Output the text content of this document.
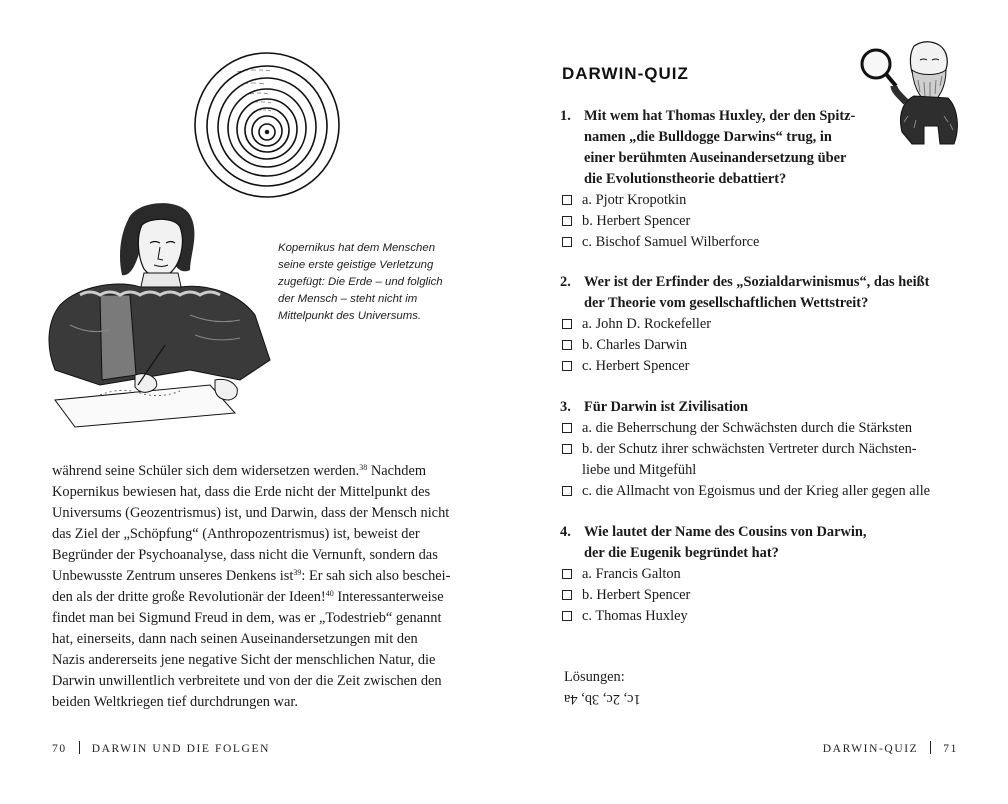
Kopernikus hat dem Menschen

seine erste geistige Verletzung

zugefügt: Die Erde – und folglich

der Mensch – steht nicht im

Mittelpunkt des Universums.

während seine Schüler sich dem widersetzen werden.$^{38}$ Nachdem
Kopernikus bewiesen hat, dass die Erde nicht der Mittelpunkt des
Universums (Geozentrismus) ist, und Darwin, dass der Mensch nicht
das Ziel der „Schöpfung“ (Anthropozentrismus) ist, beweist der
Begründer der Psychoanalyse, dass nicht die Vernunft, sondern das
Unbewusste Zentrum unseres Denkens ist$^{39}$: Er sah sich also beschei-
den als der dritte große Revolutionär der Ideen!$^{40}$ Interessanterweise
findet man bei Sigmund Freud in dem, was er „Todestrieb“ genannt
hat, einerseits, dann nach seinen Auseinandersetzungen mit den
Nazis andererseits jene negative Sicht der menschlichen Natur, die
Darwin unwillentlich verbreitete und von der die Zeit zwischen den
beiden Weltkriegen tief durchdrungen war.
70 DARWIN UND DIE FOLGEN
DARWIN-QUIZ
1. Mit wem hat Thomas Huxley, der den Spitz-
namen „die Bulldogge Darwins“ trug, in
einer berühmten Auseinandersetzung über
die Evolutionstheorie debattiert?
a. Pjotr Kropotkin
b. Herbert Spencer
c. Bischof Samuel Wilberforce
2. Wer ist der Erfinder des „Sozialdarwinismus“, das heißt
der Theorie vom gesellschaftlichen Wettstreit?
a. John D. Rockefeller
b. Charles Darwin
c. Herbert Spencer
3. Für Darwin ist Zivilisation
a. die Beherrschung der Schwächsten durch die Stärksten
b. der Schutz ihrer schwächsten Vertreter durch Nächsten-
liebe und Mitgefühl
c. die Allmacht von Egoismus und der Krieg aller gegen alle
4. Wie lautet der Name des Cousins von Darwin,
der die Eugenik begründet hat?
a. Francis Galton
b. Herbert Spencer
c. Thomas Huxley
Lösungen:
1c, 2c, 3b, 4a
DARWIN-QUIZ 71
